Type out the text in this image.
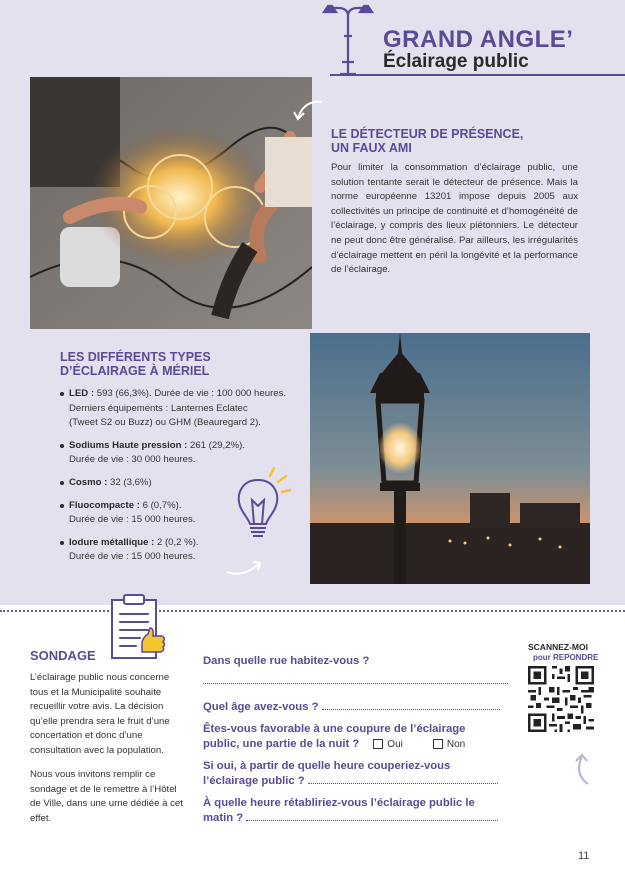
GRAND ANGLE’
Éclairage public
LE DÉTECTEUR DE PRÉSENCE,
UN FAUX AMI
Pour limiter la consommation d’éclairage public, une solution tentante serait le détecteur de présence. Mais la norme européenne 13201 impose depuis 2005 aux collectivités un principe de continuité et d’homogénéité de l’éclairage, y compris des lieux piétonniers. Le détecteur ne peut donc être généralisé. Par ailleurs, les irrégularités d’éclairage mettent en péril la longévité et la performance de l’éclairage.
LES DIFFÉRENTS TYPES
D’ÉCLAIRAGE À MÉRIEL
LED : 593 (66,3%). Durée de vie : 100 000 heures.
Derniers équipements : Lanternes Eclatec
(Tweet S2 ou Buzz) ou GHM (Beauregard 2).
Sodiums Haute pression : 261 (29,2%).
Durée de vie : 30 000 heures.
Cosmo : 32 (3,6%)
Fluocompacte : 6 (0,7%).
Durée de vie : 15 000 heures.
Iodure métallique : 2 (0,2 %).
Durée de vie : 15 000 heures.
SONDAGE
L’éclairage public nous concerne tous et la Municipalité souhaite recueillir votre avis. La décision qu’elle prendra sera le fruit d’une concertation et donc d’une consultation avec la population.
Nous vous invitons remplir ce sondage et de le remettre à l’Hôtel de Ville, dans une urne dédiée à cet effet.
Dans quelle rue habitez-vous ?
Quel âge avez-vous ?
Êtes-vous favorable à une coupure de l’éclairage
public, une partie de la nuit ?	Oui	Non
Si oui, à partir de quelle heure couperiez-vous
l’éclairage public ?
À quelle heure rétabliriez-vous l’éclairage public le
matin ?
SCANNEZ-MOI
pour REPONDRE
11
